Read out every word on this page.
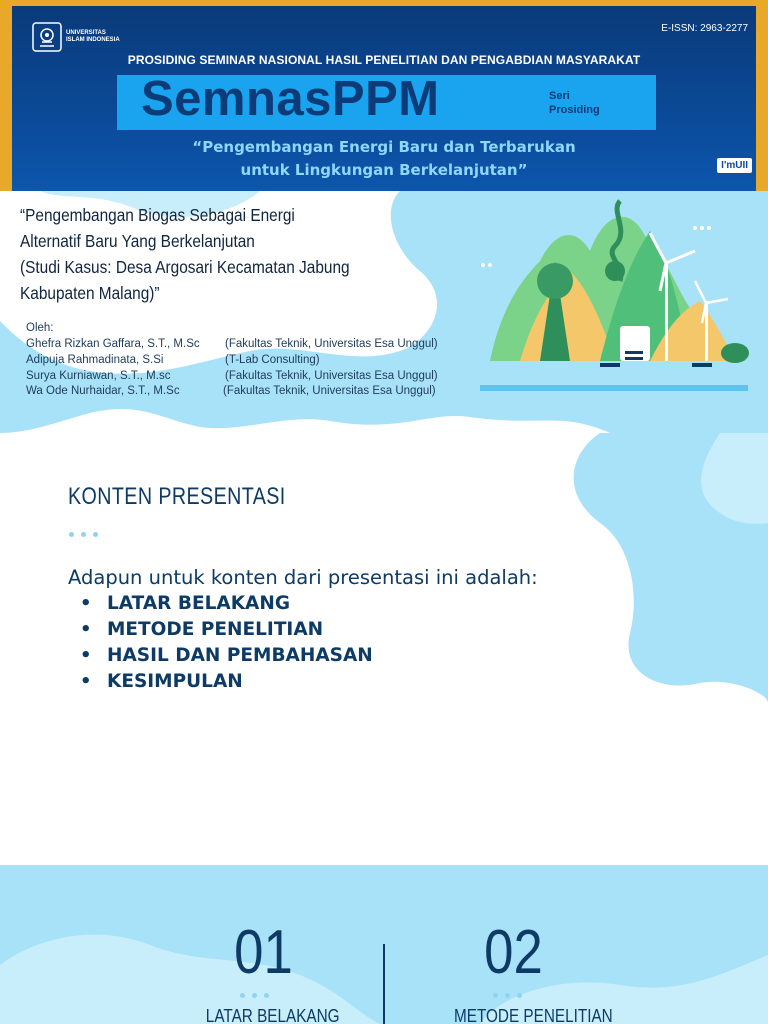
UNIVERSITAS ISLAM INDONESIA
E-ISSN: 2963-2277
PROSIDING SEMINAR NASIONAL HASIL PENELITIAN DAN PENGABDIAN MASYARAKAT
SemnasPPM	Seri
Prosiding
“Pengembangan Energi Baru dan Terbarukan
untuk Lingkungan Berkelanjutan”	I'mUII
“Pengembangan Biogas Sebagai Energi
Alternatif Baru Yang Berkelanjutan
(Studi Kasus: Desa Argosari Kecamatan Jabung
Kabupaten Malang)”
Oleh:
Ghefra Rizkan Gaffara, S.T., M.Sc (Fakultas Teknik, Universitas Esa Unggul)
Adipuja Rahmadinata, S.Si	(T-Lab Consulting)
Surya Kurniawan, S.T., M.sc	(Fakultas Teknik, Universitas Esa Unggul)
Wa Ode Nurhaidar, S.T., M.Sc	(Fakultas Teknik, Universitas Esa Unggul)
KONTEN PRESENTASI
Adapun untuk konten dari presentasi ini adalah:
• LATAR BELAKANG
• METODE PENELITIAN
• HASIL DAN PEMBAHASAN
• KESIMPULAN
01
LATAR BELAKANG
02
METODE PENELITIAN
